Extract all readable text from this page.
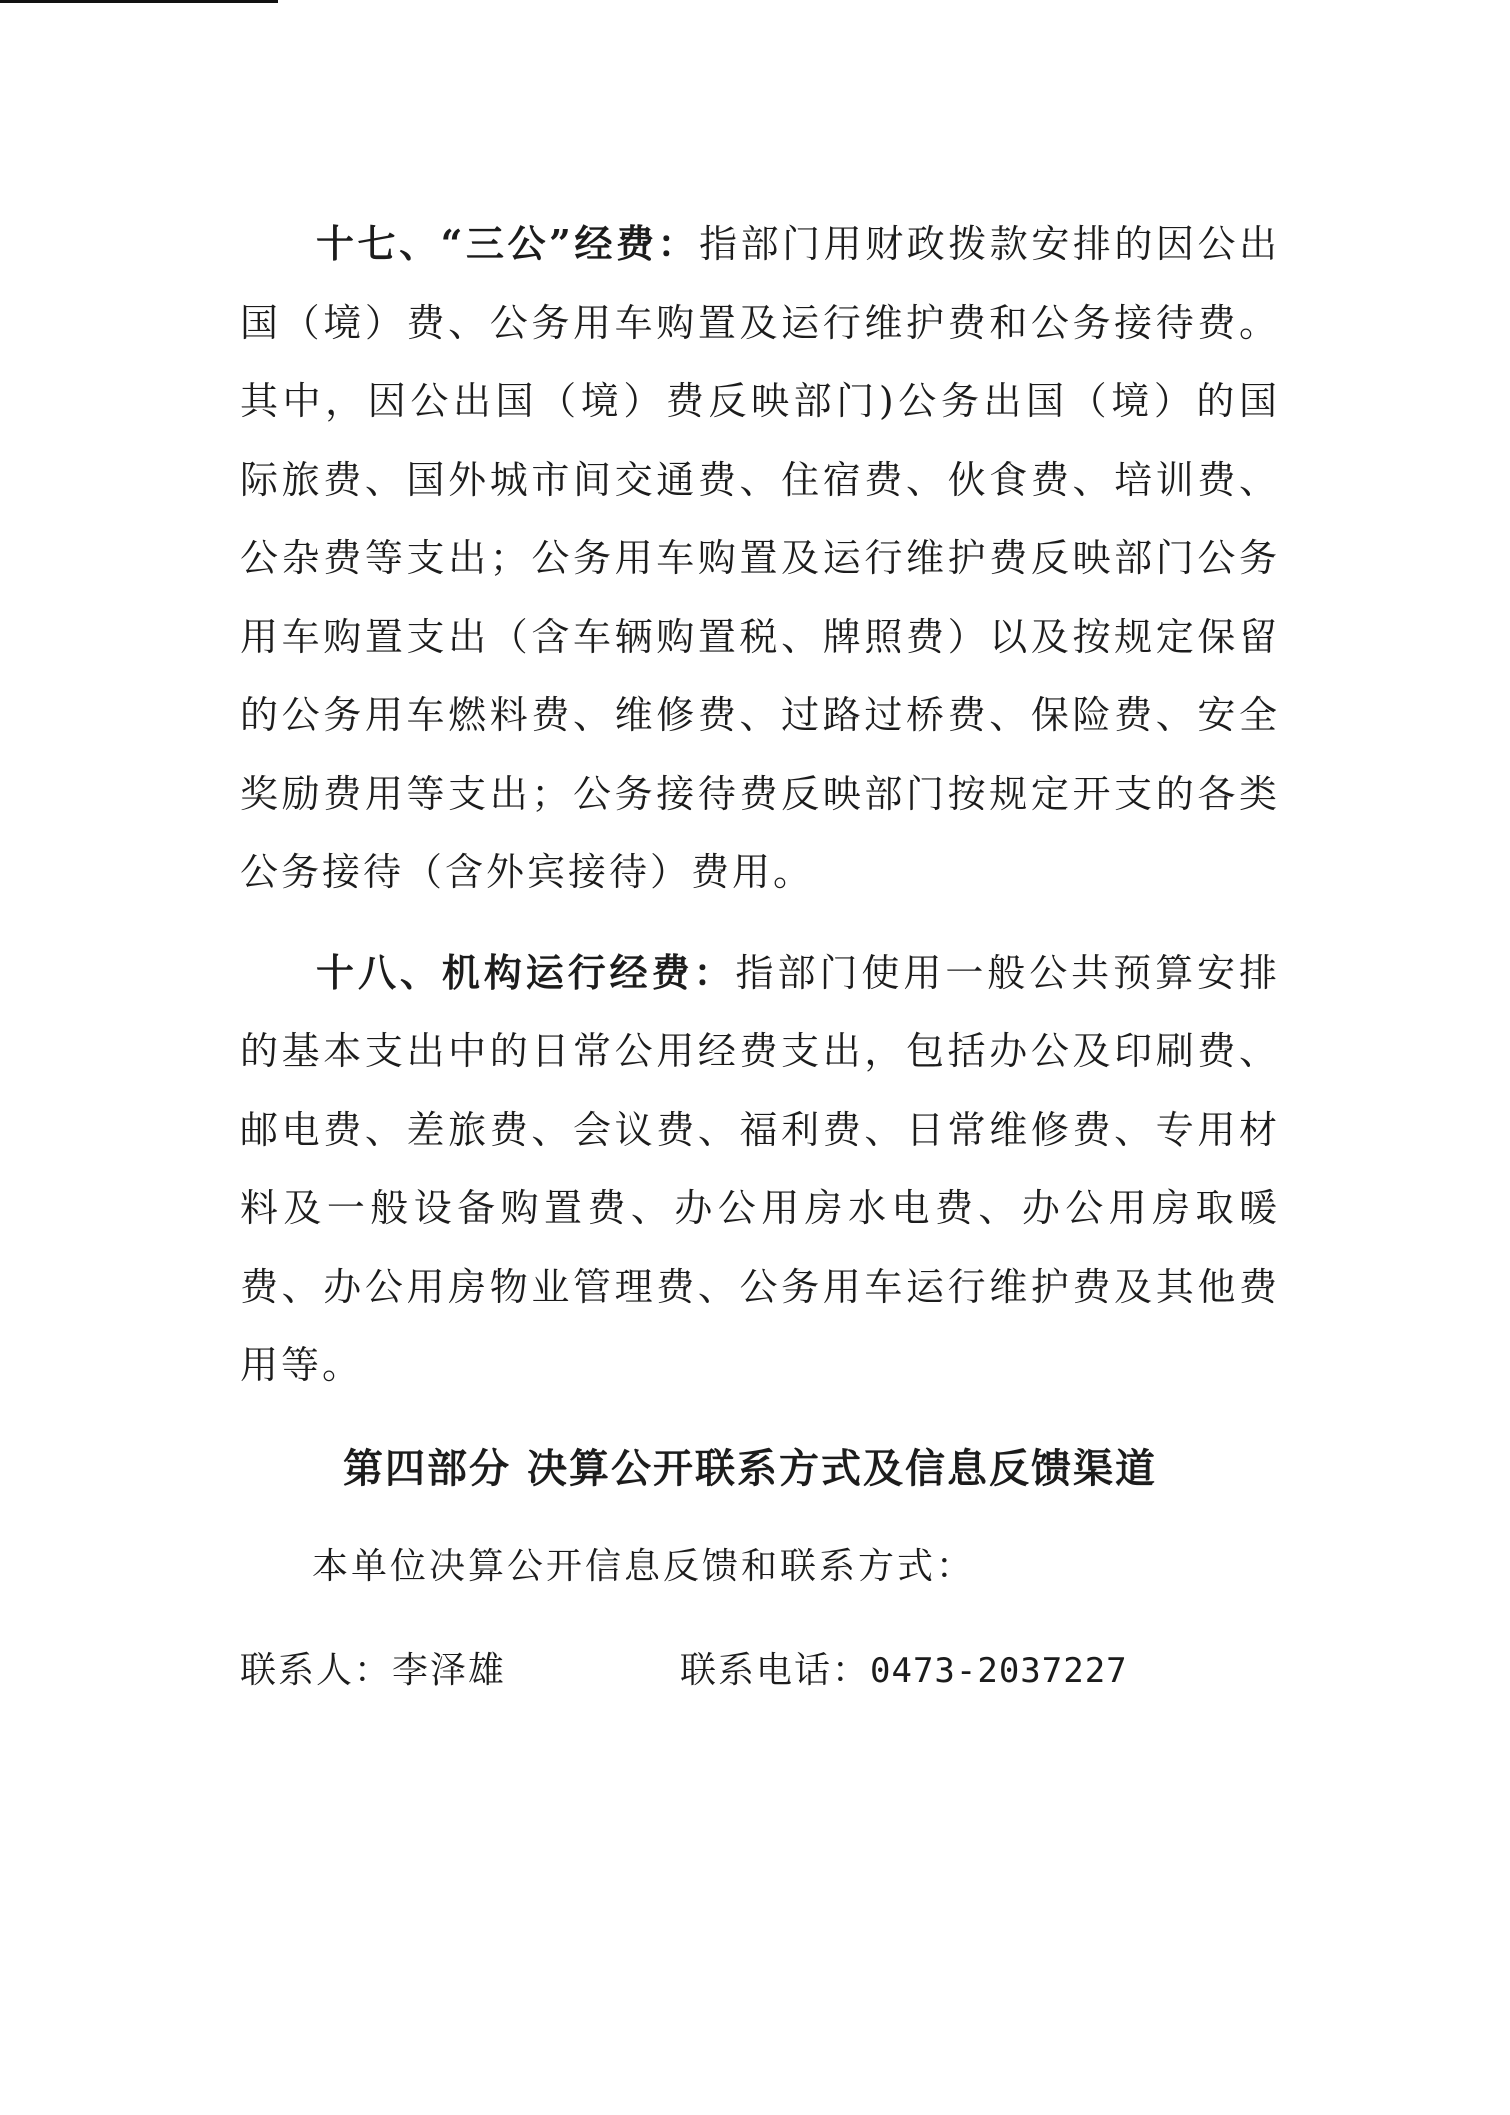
十七、“三公”经费：指部门用财政拨款安排的因公出国（境）费、公务用车购置及运行维护费和公务接待费。其中，因公出国（境）费反映部门)公务出国（境）的国际旅费、国外城市间交通费、住宿费、伙食费、培训费、公杂费等支出；公务用车购置及运行维护费反映部门公务用车购置支出（含车辆购置税、牌照费）以及按规定保留的公务用车燃料费、维修费、过路过桥费、保险费、安全奖励费用等支出；公务接待费反映部门按规定开支的各类公务接待（含外宾接待）费用。

十八、机构运行经费：指部门使用一般公共预算安排的基本支出中的日常公用经费支出，包括办公及印刷费、邮电费、差旅费、会议费、福利费、日常维修费、专用材料及一般设备购置费、办公用房水电费、办公用房取暖费、办公用房物业管理费、公务用车运行维护费及其他费用等。

第四部分 决算公开联系方式及信息反馈渠道

本单位决算公开信息反馈和联系方式：

联系人：李泽雄	联系电话：0473-2037227
